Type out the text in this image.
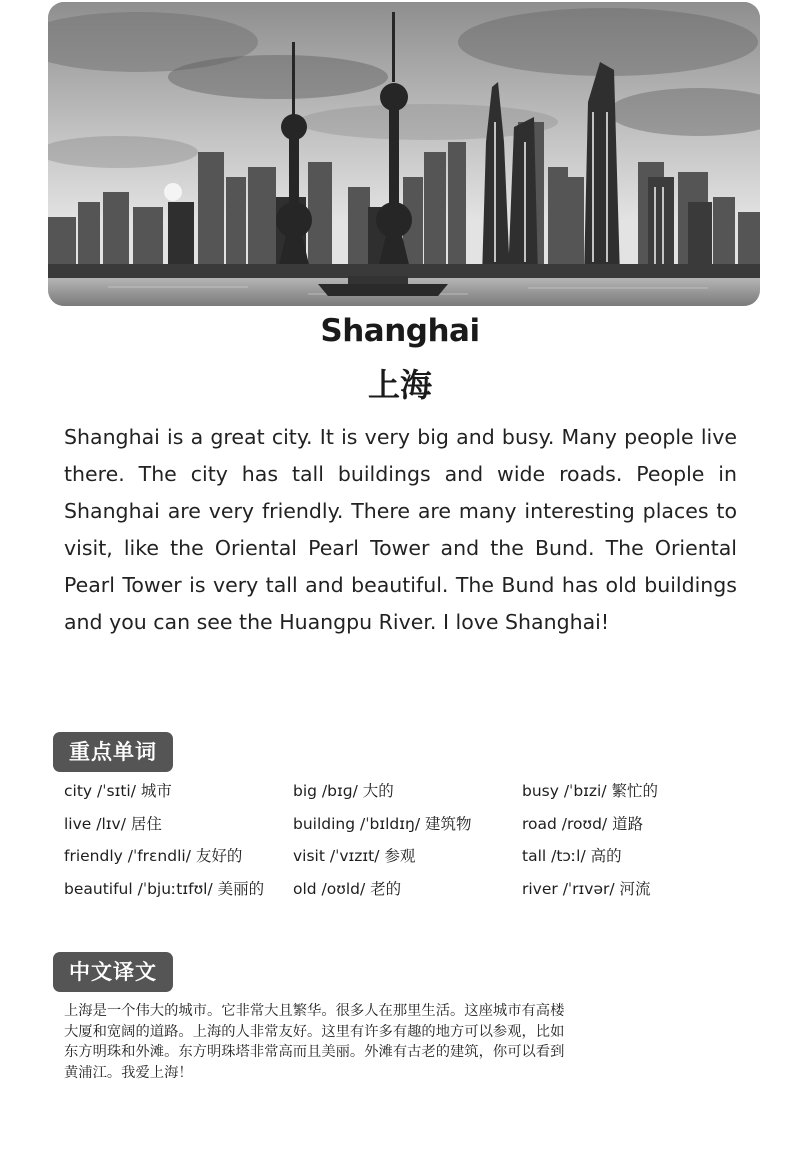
Shanghai
上海

Shanghai is a great city. It is very big and busy. Many people live there. The city has tall buildings and wide roads. People in Shanghai are very friendly. There are many interesting places to visit, like the Oriental Pearl Tower and the Bund. The Oriental Pearl Tower is very tall and beautiful. The Bund has old buildings and you can see the Huangpu River. I love Shanghai!

重点单词
city /ˈsɪti/ 城市	big /bɪɡ/ 大的	busy /ˈbɪzi/ 繁忙的
live /lɪv/ 居住	building /ˈbɪldɪŋ/ 建筑物	road /roʊd/ 道路
friendly /ˈfrɛndli/ 友好的	visit /ˈvɪzɪt/ 参观	tall /tɔːl/ 高的
beautiful /ˈbjuːtɪfʊl/ 美丽的	old /oʊld/ 老的	river /ˈrɪvər/ 河流
中文译文
上海是一个伟大的城市。它非常大且繁华。很多人在那里生活。这座城市有高楼
大厦和宽阔的道路。上海的人非常友好。这里有许多有趣的地方可以参观，比如
东方明珠和外滩。东方明珠塔非常高而且美丽。外滩有古老的建筑，你可以看到
黄浦江。我爱上海！
